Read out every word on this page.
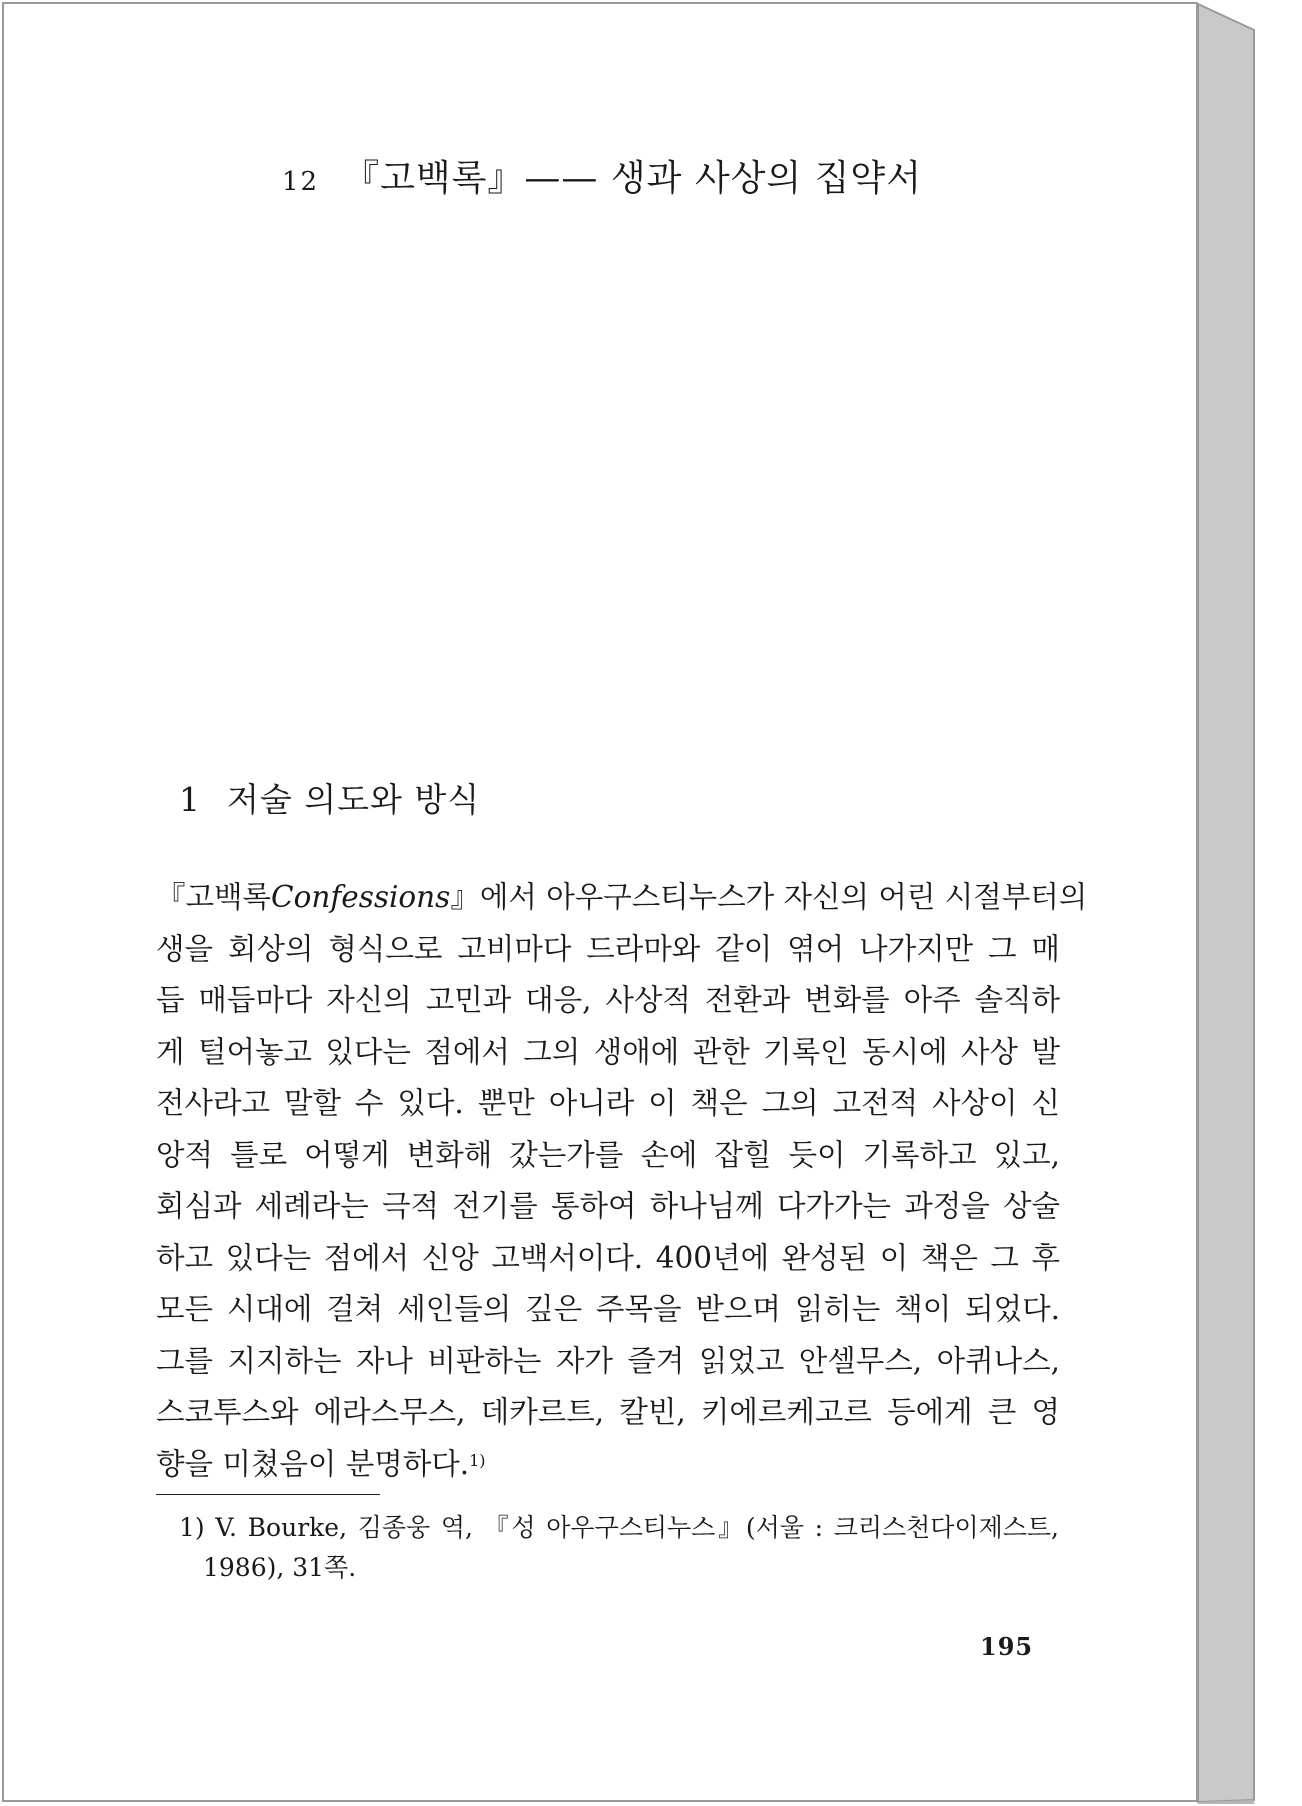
12 『고백록』—— 생과 사상의 집약서
1 저술 의도와 방식
『고백록Confessions』에서 아우구스티누스가 자신의 어린 시절부터의
생을 회상의 형식으로 고비마다 드라마와 같이 엮어 나가지만 그 매
듭 매듭마다 자신의 고민과 대응, 사상적 전환과 변화를 아주 솔직하
게 털어놓고 있다는 점에서 그의 생애에 관한 기록인 동시에 사상 발
전사라고 말할 수 있다. 뿐만 아니라 이 책은 그의 고전적 사상이 신
앙적 틀로 어떻게 변화해 갔는가를 손에 잡힐 듯이 기록하고 있고,
회심과 세례라는 극적 전기를 통하여 하나님께 다가가는 과정을 상술
하고 있다는 점에서 신앙 고백서이다. 400년에 완성된 이 책은 그 후
모든 시대에 걸쳐 세인들의 깊은 주목을 받으며 읽히는 책이 되었다.
그를 지지하는 자나 비판하는 자가 즐겨 읽었고 안셀무스, 아퀴나스,
스코투스와 에라스무스, 데카르트, 칼빈, 키에르케고르 등에게 큰 영
향을 미쳤음이 분명하다.$^{1)}$
1) V. Bourke, 김종웅 역, 『성 아우구스티누스』(서울 : 크리스천다이제스트,
1986), 31쪽.
195
